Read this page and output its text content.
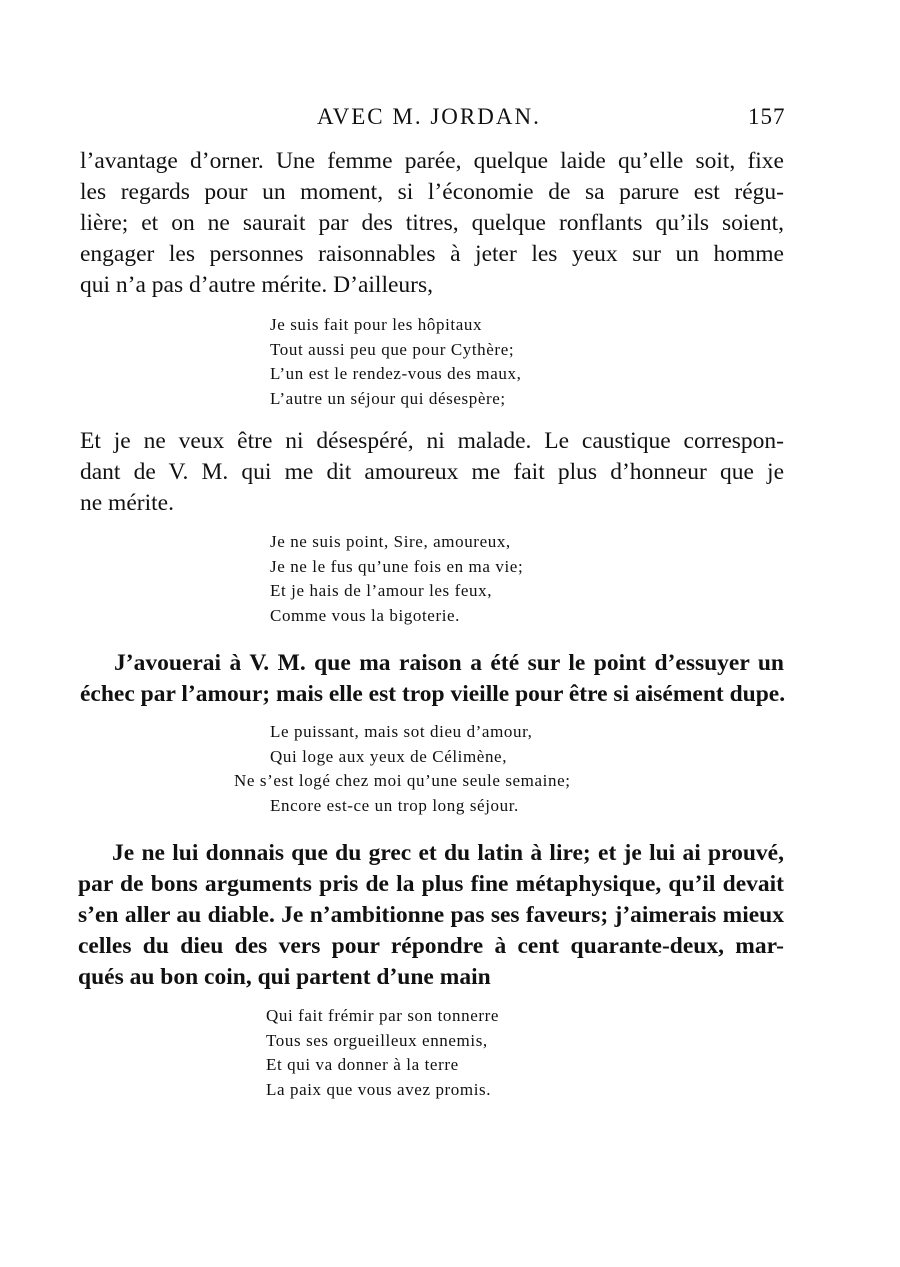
AVEC M. JORDAN.	157
l’avantage d’orner. Une femme parée, quelque laide qu’elle soit, fixe
les regards pour un moment, si l’économie de sa parure est régu-
lière; et on ne saurait par des titres, quelque ronflants qu’ils soient,
engager les personnes raisonnables à jeter les yeux sur un homme
qui n’a pas d’autre mérite. D’ailleurs,
Je suis fait pour les hôpitaux
Tout aussi peu que pour Cythère;
L’un est le rendez-vous des maux,
L’autre un séjour qui désespère;
Et je ne veux être ni désespéré, ni malade. Le caustique correspon-
dant de V. M. qui me dit amoureux me fait plus d’honneur que je
ne mérite.
Je ne suis point, Sire, amoureux,
Je ne le fus qu’une fois en ma vie;
Et je hais de l’amour les feux,
Comme vous la bigoterie.
J’avouerai à V. M. que ma raison a été sur le point d’essuyer un
échec par l’amour; mais elle est trop vieille pour être si aisément dupe.
Le puissant, mais sot dieu d’amour,
Qui loge aux yeux de Célimène,
Ne s’est logé chez moi qu’une seule semaine;
Encore est-ce un trop long séjour.
Je ne lui donnais que du grec et du latin à lire; et je lui ai prouvé,
par de bons arguments pris de la plus fine métaphysique, qu’il devait
s’en aller au diable. Je n’ambitionne pas ses faveurs; j’aimerais mieux
celles du dieu des vers pour répondre à cent quarante-deux, mar-
qués au bon coin, qui partent d’une main
Qui fait frémir par son tonnerre
Tous ses orgueilleux ennemis,
Et qui va donner à la terre
La paix que vous avez promis.
